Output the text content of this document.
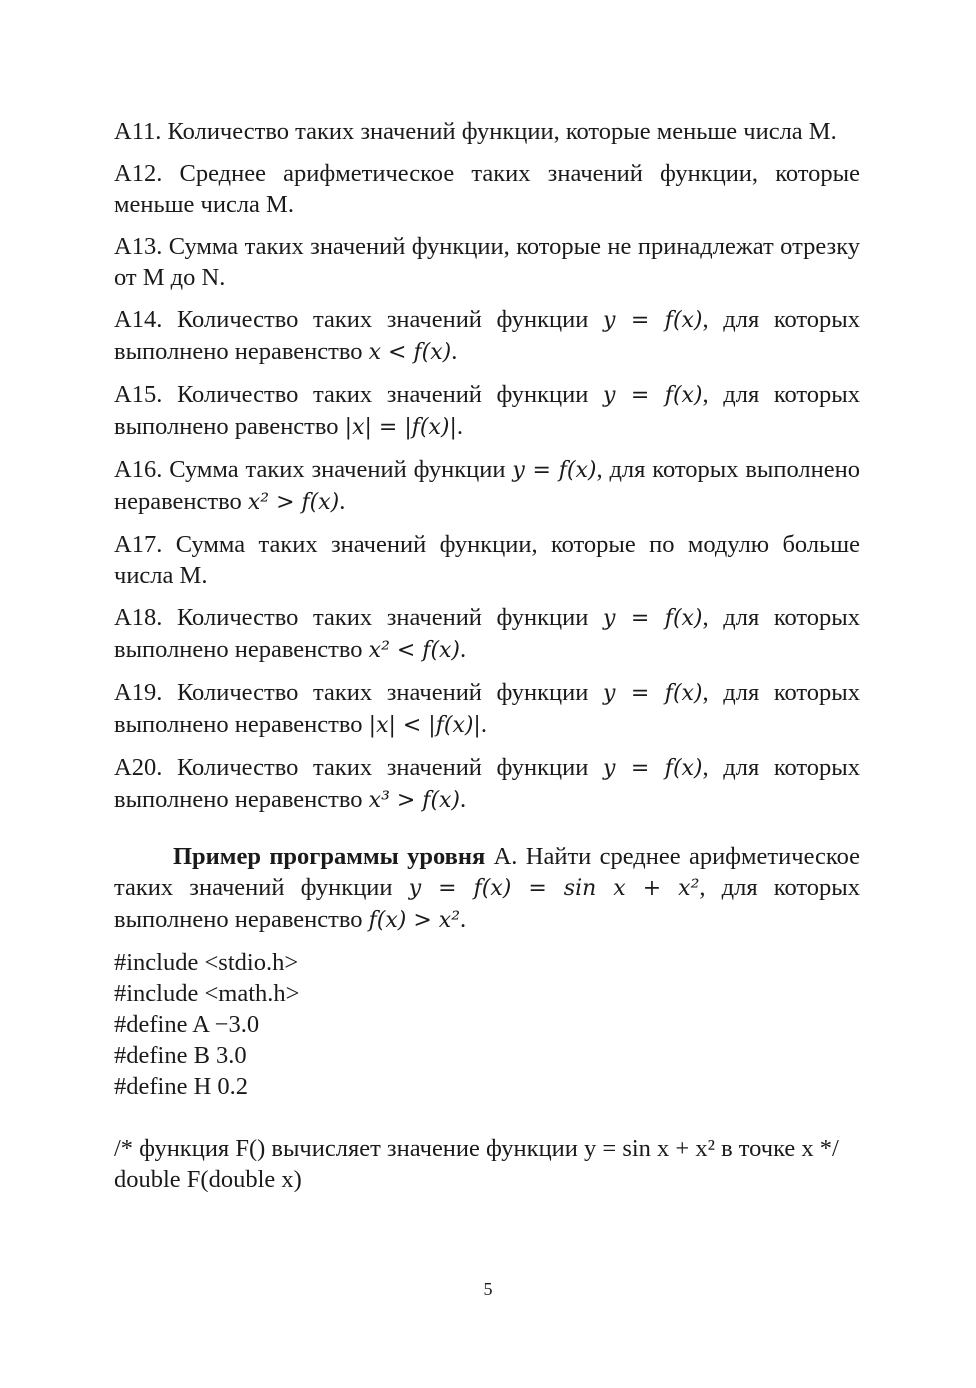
A11. Количество таких значений функции, которые меньше числа М.

A12. Среднее арифметическое таких значений функции, которые меньше числа М.

A13. Сумма таких значений функции, которые не принадлежат отрезку от М до N.

A14. Количество таких значений функции y = f(x), для которых выполнено неравенство x < f(x).

A15. Количество таких значений функции y = f(x), для которых выполнено равенство |x| = |f(x)|.

A16. Сумма таких значений функции y = f(x), для которых выполнено неравенство x² > f(x).

A17. Сумма таких значений функции, которые по модулю больше числа М.

A18. Количество таких значений функции y = f(x), для которых выполнено неравенство x² < f(x).

A19. Количество таких значений функции y = f(x), для которых выполнено неравенство |x| < |f(x)|.

A20. Количество таких значений функции y = f(x), для которых выполнено неравенство x³ > f(x).

Пример программы уровня А. Найти среднее арифметическое таких значений функции y = f(x) = sin x + x², для которых выполнено неравенство f(x) > x².

#include <stdio.h>
#include <math.h>
#define A −3.0
#define B 3.0
#define H 0.2
/* функция F() вычисляет значение функции y = sin x + x² в точке x */
double F(double x)
5
